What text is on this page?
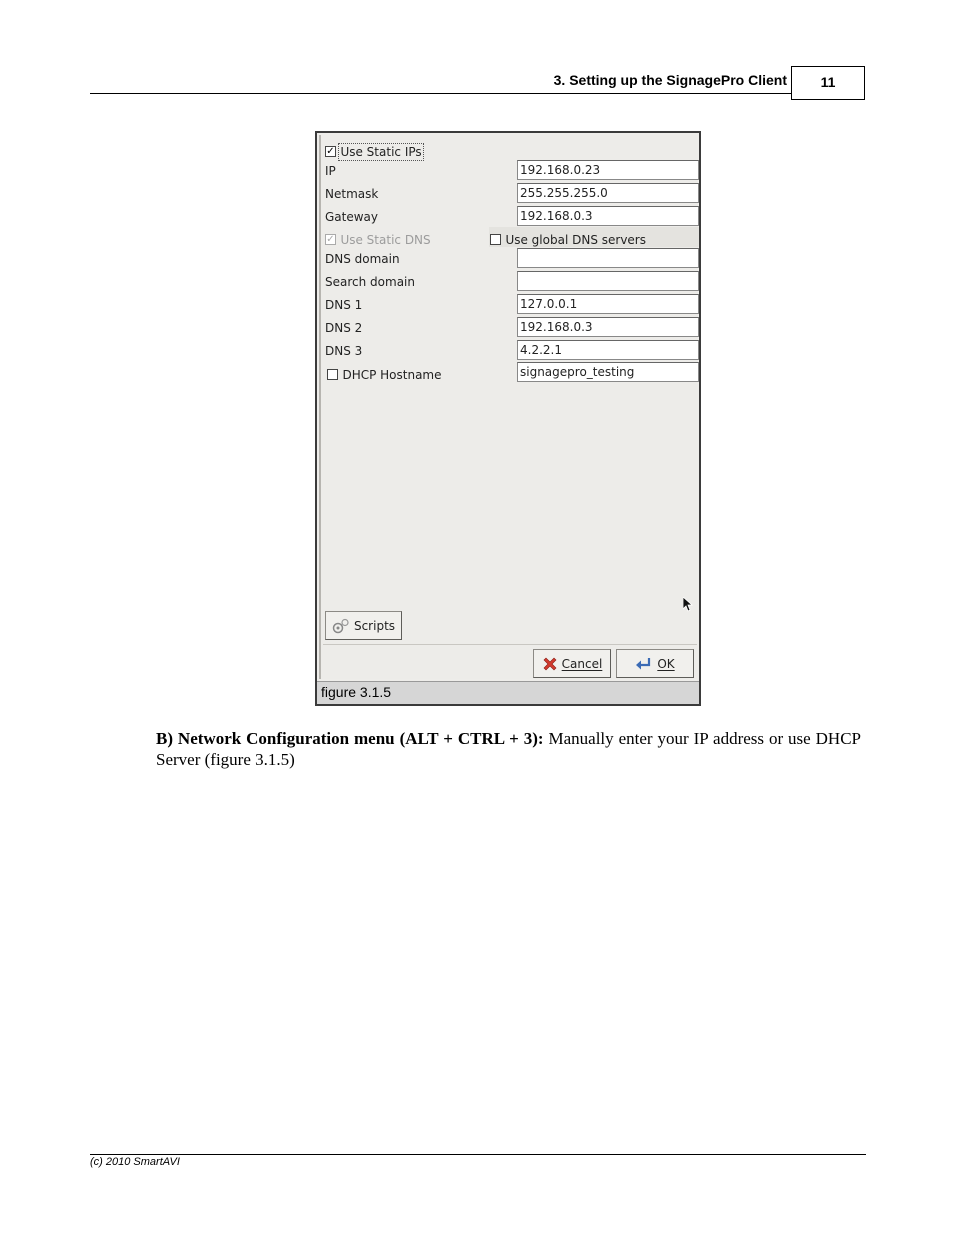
3. Setting up the SignagePro Client	11
✓ Use Static IPs
IP	192.168.0.23
Netmask	255.255.255.0
Gateway	192.168.0.3
✓ Use Static DNS	Use global DNS servers
DNS domain
Search domain
DNS 1	127.0.0.1
DNS 2	192.168.0.3
DNS 3	4.2.2.1
DHCP Hostname	signagepro_testing
Scripts
Cancel	OK
figure 3.1.5
B) Network Configuration menu (ALT + CTRL + 3): Manually enter your IP address or use DHCP Server (figure 3.1.5)
(c) 2010 SmartAVI
